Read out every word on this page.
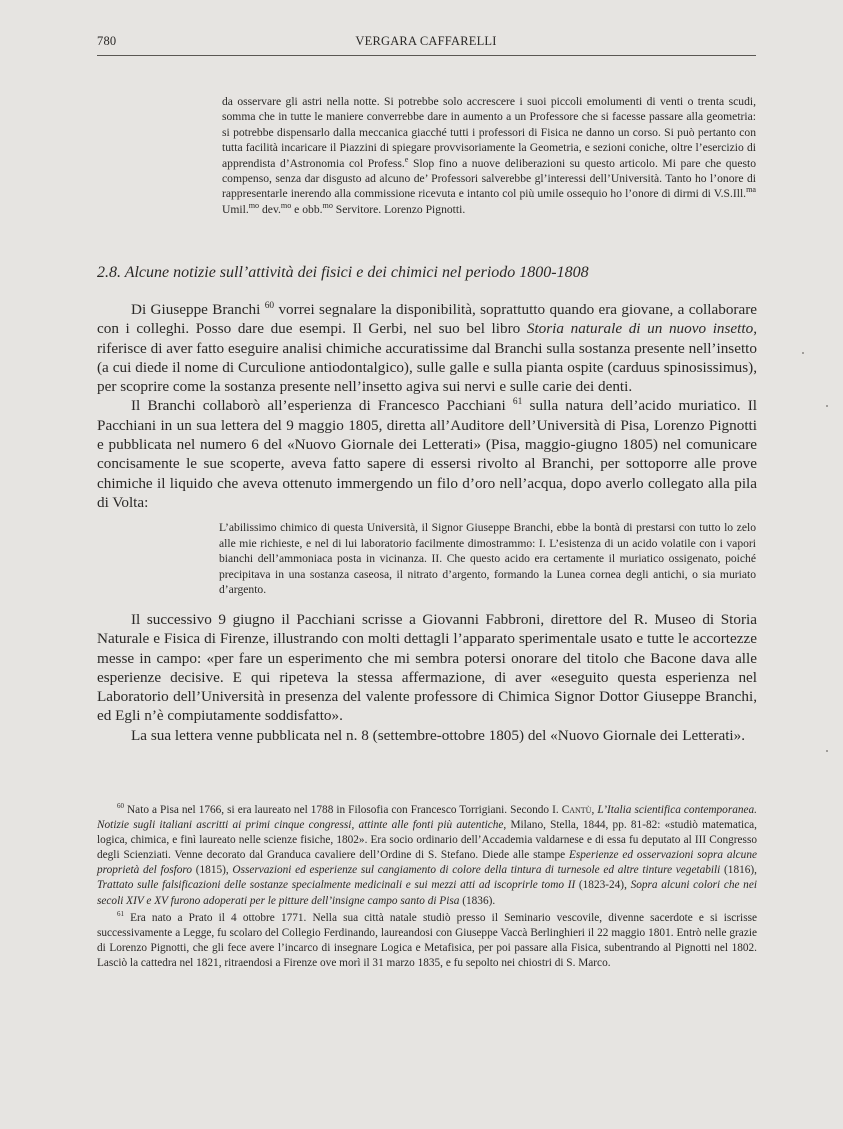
780	VERGARA CAFFARELLI
da osservare gli astri nella notte. Si potrebbe solo accrescere i suoi piccoli emolumenti di venti o trenta scudi, somma che in tutte le maniere converrebbe dare in aumento a un Professore che si facesse passare alla geometria: si potrebbe dispensarlo dalla meccanica giacché tutti i professori di Fisica ne danno un corso. Si può pertanto con tutta facilità incaricare il Piazzini di spiegare provvisoriamente la Geometria, e sezioni coniche, oltre l’esercizio di apprendista d’Astronomia col Profess.$^e$ Slop fino a nuove deliberazioni su questo articolo. Mi pare che questo compenso, senza dar disgusto ad alcuno de’ Professori salverebbe gl’interessi dell’Università. Tanto ho l’onore di rappresentarle inerendo alla commissione ricevuta e intanto col più umile ossequio ho l’onore di dirmi di V.S.Ill.$^{ma}$ Umil.$^{mo}$ dev.$^{mo}$ e obb.$^{mo}$ Servitore. Lorenzo Pignotti.
2.8. Alcune notizie sull’attività dei fisici e dei chimici nel periodo 1800-1808

Di Giuseppe Branchi $^{60}$ vorrei segnalare la disponibilità, soprattutto quando era giovane, a collaborare con i colleghi. Posso dare due esempi. Il Gerbi, nel suo bel libro Storia naturale di un nuovo insetto, riferisce di aver fatto eseguire analisi chimiche accuratissime dal Branchi sulla sostanza presente nell’insetto (a cui diede il nome di Curculione antiodontalgico), sulle galle e sulla pianta ospite (carduus spinosissimus), per scoprire come la sostanza presente nell’insetto agiva sui nervi e sulle carie dei denti.

Il Branchi collaborò all’esperienza di Francesco Pacchiani $^{61}$ sulla natura dell’acido muriatico. Il Pacchiani in un sua lettera del 9 maggio 1805, diretta all’Auditore dell’Università di Pisa, Lorenzo Pignotti e pubblicata nel numero 6 del «Nuovo Giornale dei Letterati» (Pisa, maggio-giugno 1805) nel comunicare concisamente le sue scoperte, aveva fatto sapere di essersi rivolto al Branchi, per sottoporre alle prove chimiche il liquido che aveva ottenuto immergendo un filo d’oro nell’acqua, dopo averlo collegato alla pila di Volta:

L’abilissimo chimico di questa Università, il Signor Giuseppe Branchi, ebbe la bontà di prestarsi con tutto lo zelo alle mie richieste, e nel di lui laboratorio facilmente dimostrammo: I. L’esistenza di un acido volatile con i vapori bianchi dell’ammoniaca posta in vicinanza. II. Che questo acido era certamente il muriatico ossigenato, poiché precipitava in una sostanza caseosa, il nitrato d’argento, formando la Lunea cornea degli antichi, o sia muriato d’argento.

Il successivo 9 giugno il Pacchiani scrisse a Giovanni Fabbroni, direttore del R. Museo di Storia Naturale e Fisica di Firenze, illustrando con molti dettagli l’apparato sperimentale usato e tutte le accortezze messe in campo: «per fare un esperimento che mi sembra potersi onorare del titolo che Bacone dava alle esperienze decisive. E qui ripeteva la stessa affermazione, di aver «eseguito questa esperienza nel Laboratorio dell’Università in presenza del valente professore di Chimica Signor Dottor Giuseppe Branchi, ed Egli n’è compiutamente soddisfatto».

La sua lettera venne pubblicata nel n. 8 (settembre-ottobre 1805) del «Nuovo Giornale dei Letterati».

$^{60}$ Nato a Pisa nel 1766, si era laureato nel 1788 in Filosofia con Francesco Torrigiani. Secondo I. Cantù, L’Italia scientifica contemporanea. Notizie sugli italiani ascritti ai primi cinque congressi, attinte alle fonti più autentiche, Milano, Stella, 1844, pp. 81-82: «studiò matematica, logica, chimica, e finì laureato nelle scienze fisiche, 1802». Era socio ordinario dell’Accademia valdarnese e di essa fu deputato al III Congresso degli Scienziati. Venne decorato dal Granduca cavaliere dell’Ordine di S. Stefano. Diede alle stampe Esperienze ed osservazioni sopra alcune proprietà del fosforo (1815), Osservazioni ed esperienze sul cangiamento di colore della tintura di turnesole ed altre tinture vegetabili (1816), Trattato sulle falsificazioni delle sostanze specialmente medicinali e sui mezzi atti ad iscoprirle tomo II (1823-24), Sopra alcuni colori che nei secoli XIV e XV furono adoperati per le pitture dell’insigne campo santo di Pisa (1836).

$^{61}$ Era nato a Prato il 4 ottobre 1771. Nella sua città natale studiò presso il Seminario vescovile, divenne sacerdote e si iscrisse successivamente a Legge, fu scolaro del Collegio Ferdinando, laureandosi con Giuseppe Vaccà Berlinghieri il 22 maggio 1801. Entrò nelle grazie di Lorenzo Pignotti, che gli fece avere l’incarco di insegnare Logica e Metafisica, per poi passare alla Fisica, subentrando al Pignotti nel 1802. Lasciò la cattedra nel 1821, ritraendosi a Firenze ove morì il 31 marzo 1835, e fu sepolto nei chiostri di S. Marco.
